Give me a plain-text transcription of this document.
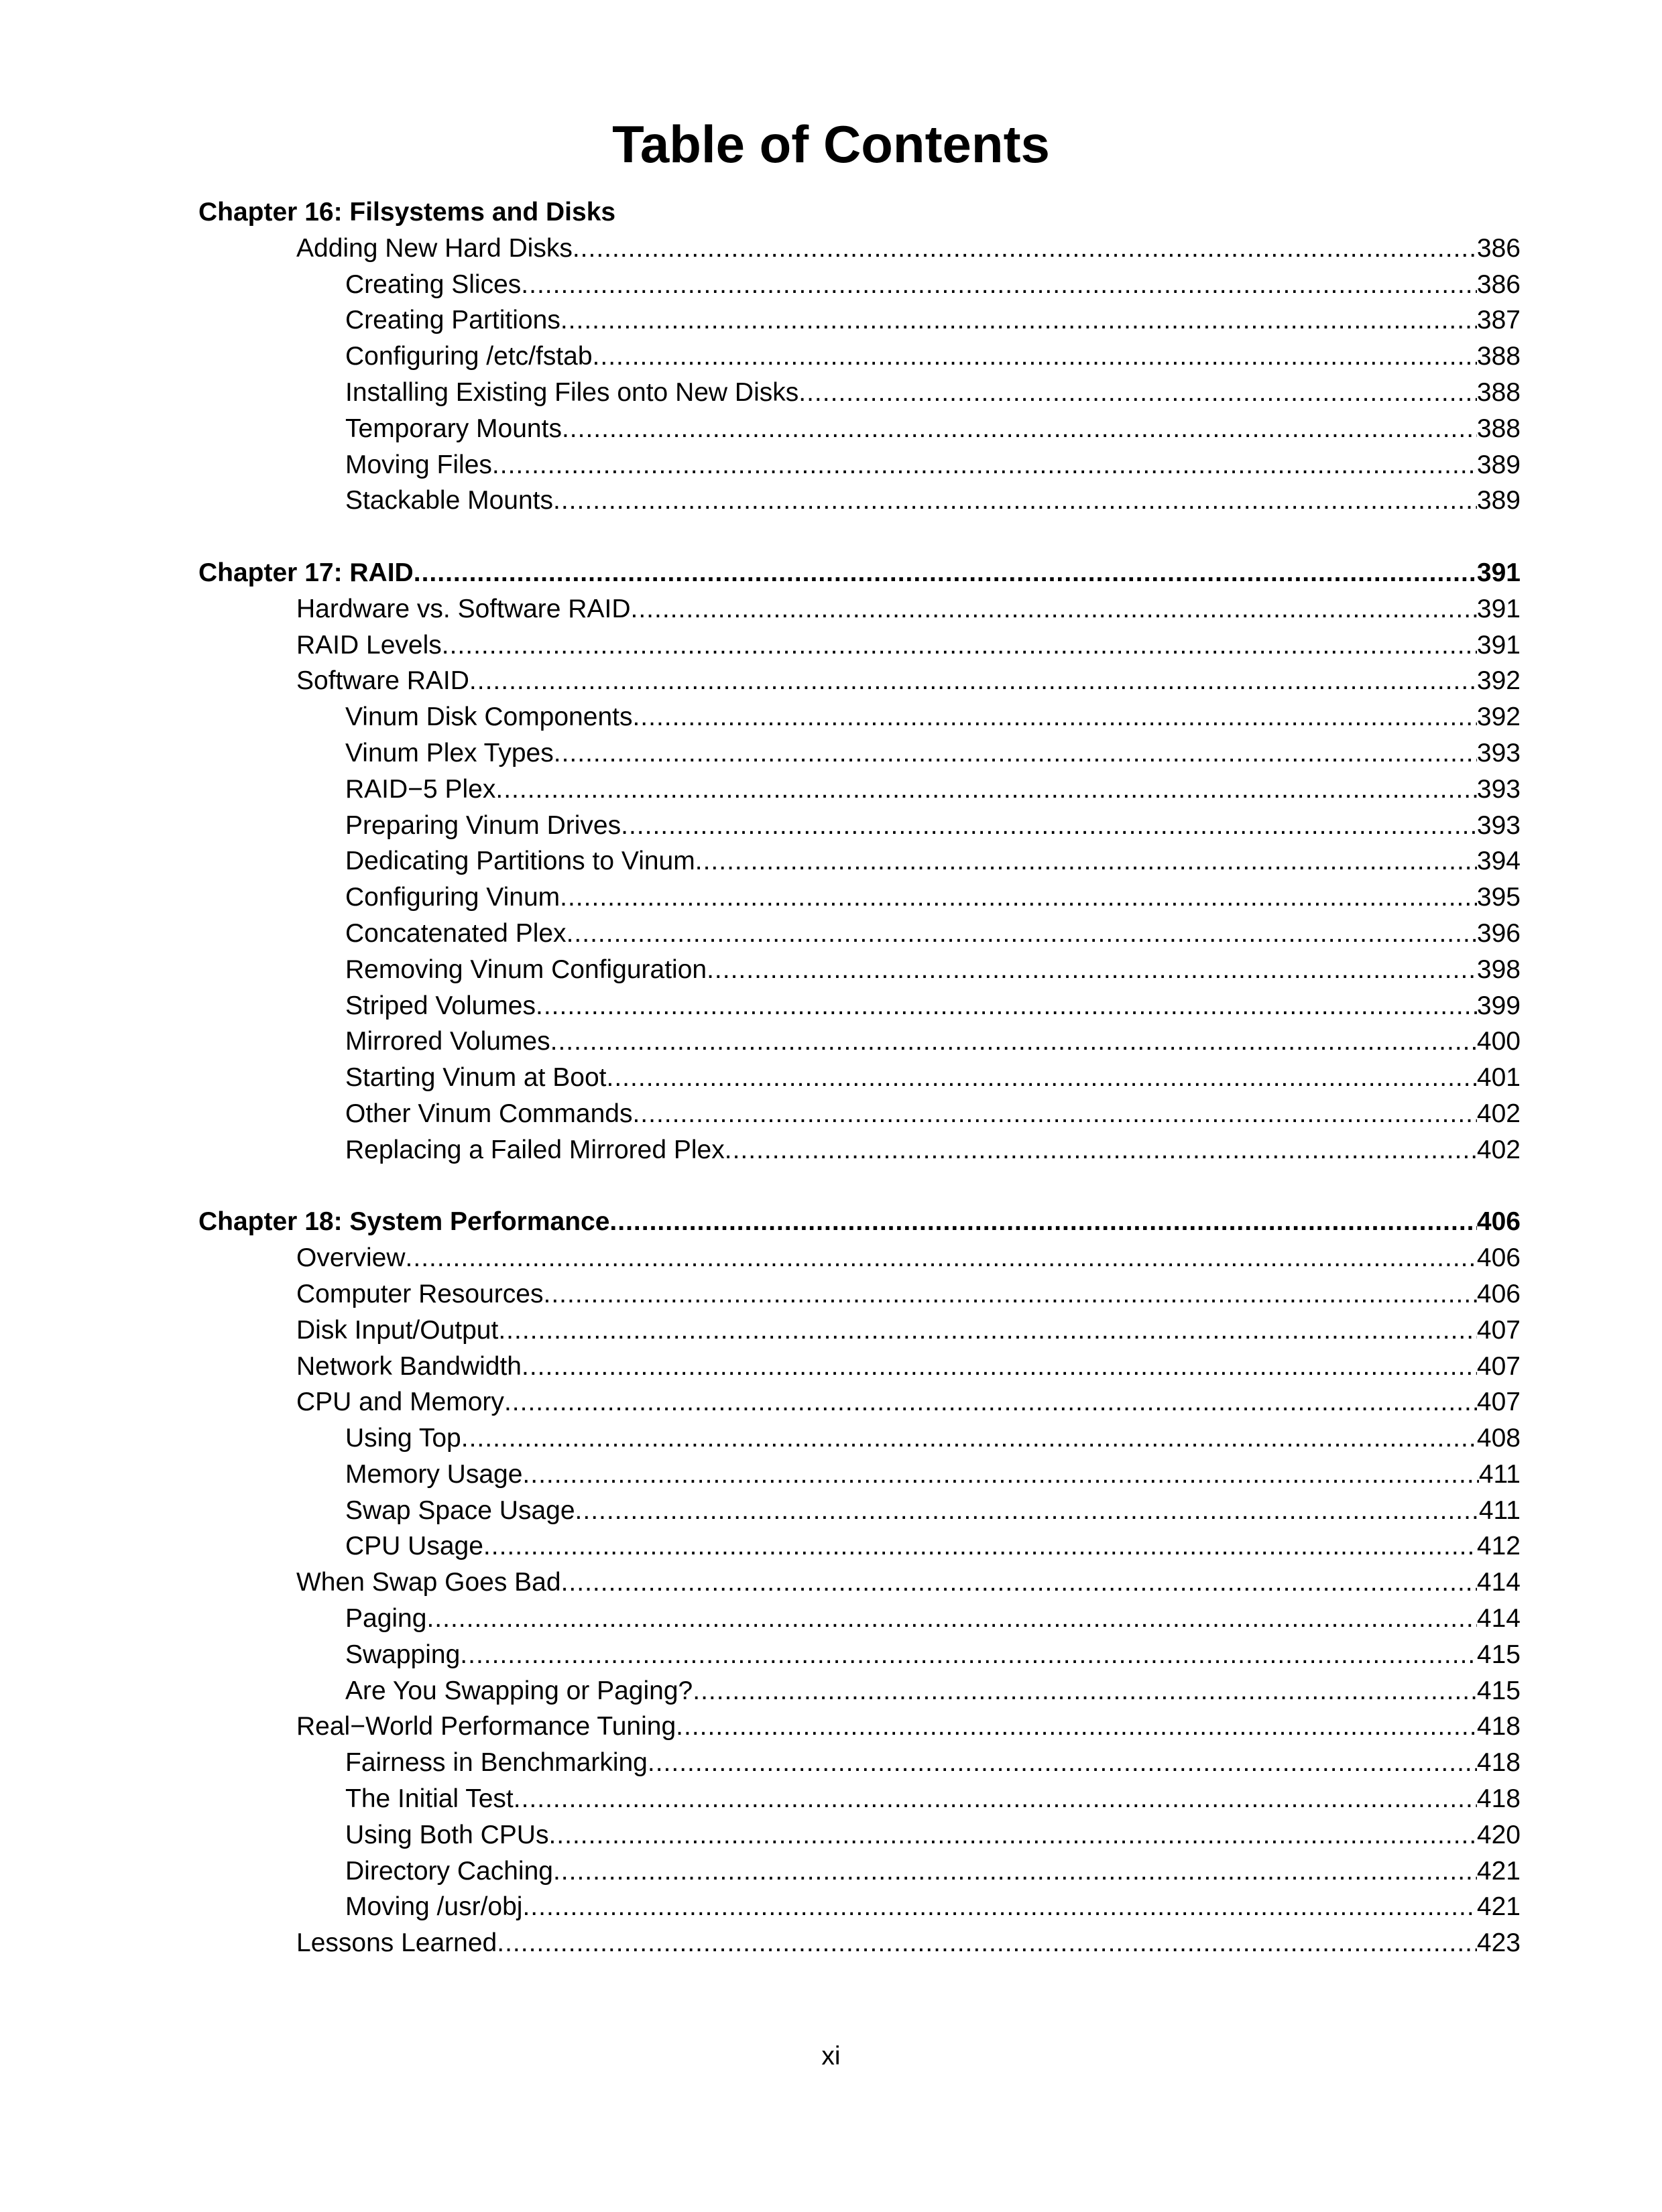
Table of Contents
Chapter 16: Filsystems and Disks
Adding New Hard Disks .....	386
Creating Slices .....	386
Creating Partitions .....	387
Configuring /etc/fstab .....	388
Installing Existing Files onto New Disks .....	388
Temporary Mounts .....	388
Moving Files .....	389
Stackable Mounts .....	389
Chapter 17: RAID .....	391
Hardware vs. Software RAID .....	391
RAID Levels .....	391
Software RAID .....	392
Vinum Disk Components .....	392
Vinum Plex Types .....	393
RAID−5 Plex .....	393
Preparing Vinum Drives .....	393
Dedicating Partitions to Vinum .....	394
Configuring Vinum .....	395
Concatenated Plex .....	396
Removing Vinum Configuration .....	398
Striped Volumes .....	399
Mirrored Volumes .....	400
Starting Vinum at Boot .....	401
Other Vinum Commands .....	402
Replacing a Failed Mirrored Plex .....	402
Chapter 18: System Performance .....	406
Overview .....	406
Computer Resources .....	406
Disk Input/Output .....	407
Network Bandwidth .....	407
CPU and Memory .....	407
Using Top .....	408
Memory Usage .....	411
Swap Space Usage .....	411
CPU Usage .....	412
When Swap Goes Bad .....	414
Paging .....	414
Swapping .....	415
Are You Swapping or Paging? .....	415
Real−World Performance Tuning .....	418
Fairness in Benchmarking .....	418
The Initial Test .....	418
Using Both CPUs .....	420
Directory Caching .....	421
Moving /usr/obj .....	421
Lessons Learned .....	423
xi
